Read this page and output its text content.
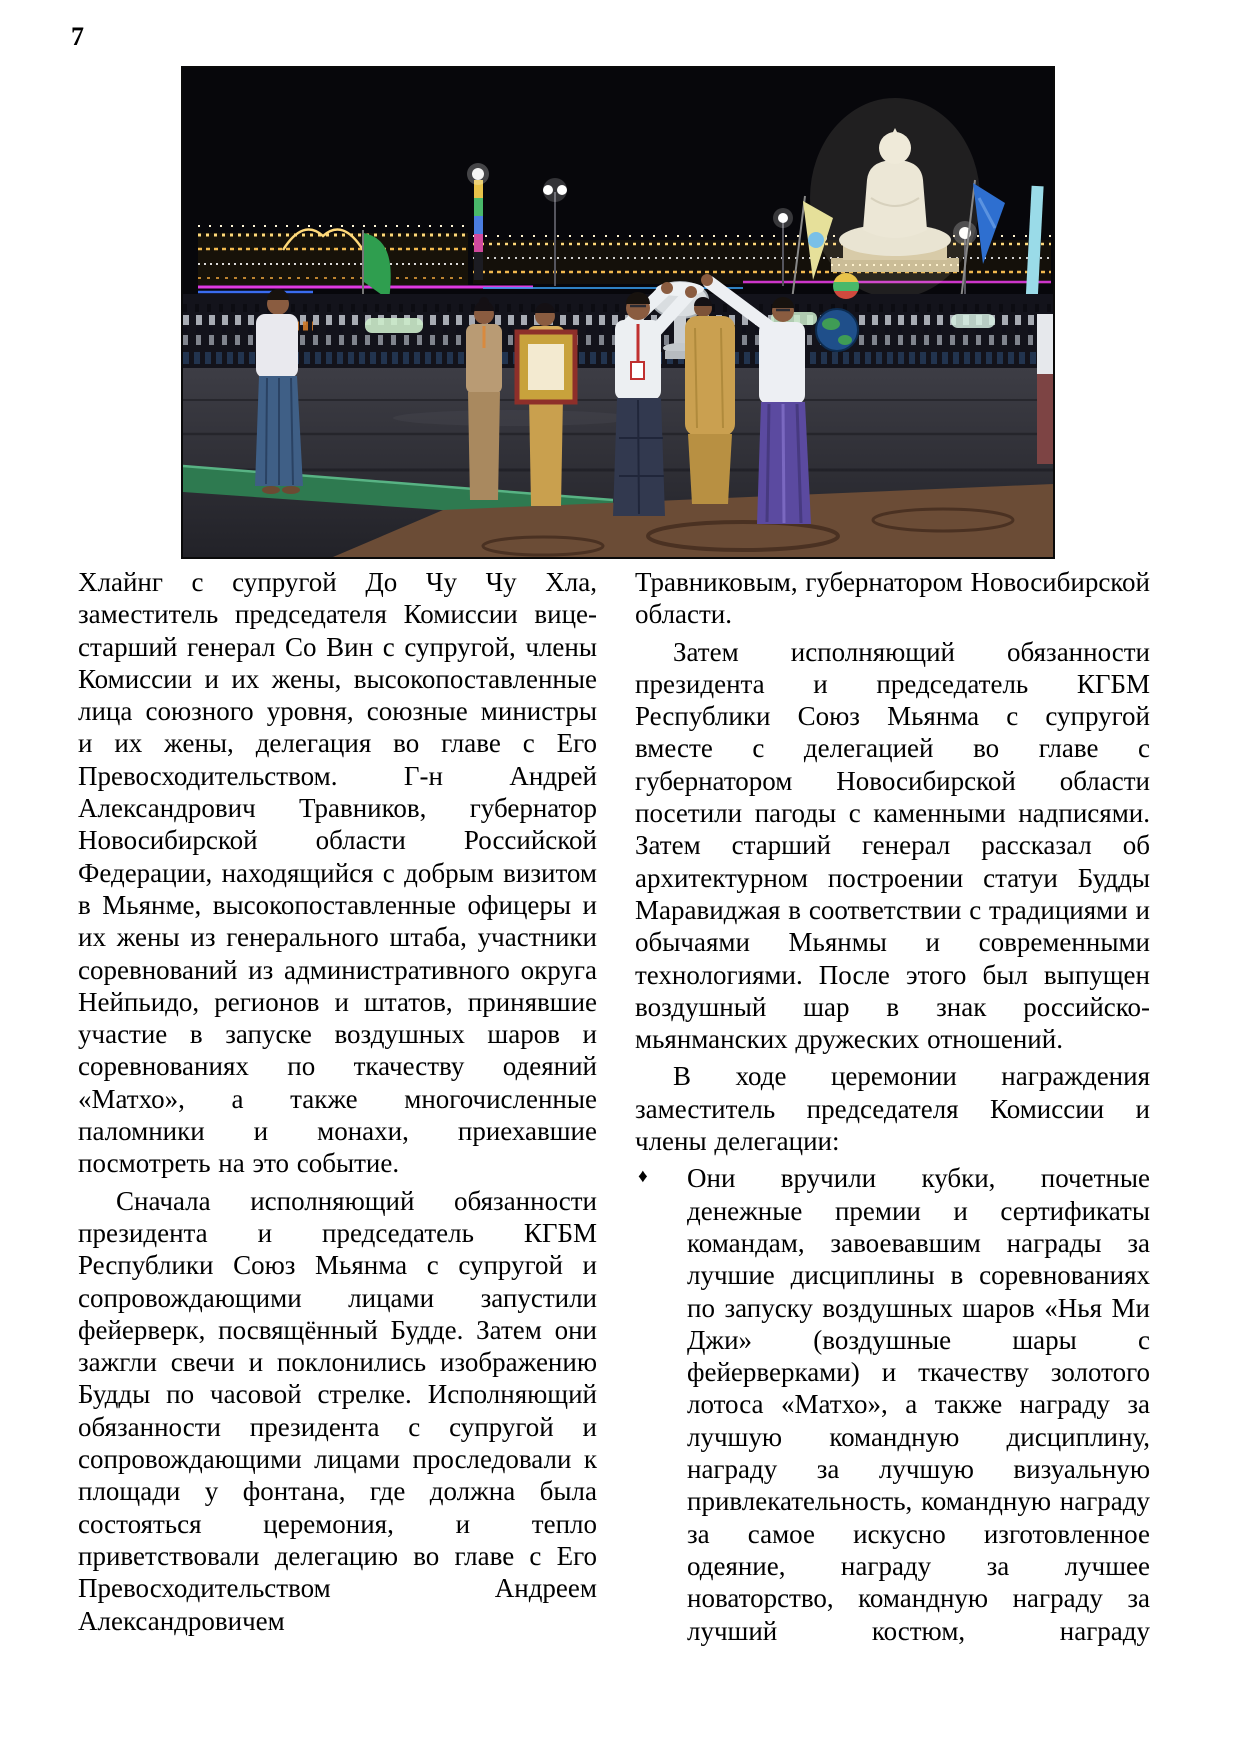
7

Хлайнг с супругой До Чу Чу Хла, заместитель председателя Комиссии вице-старший генерал Со Вин с супругой, члены Комиссии и их жены, высокопоставленные лица союзного уровня, союзные министры и их жены, делегация во главе с Его Превосходительством. Г-н Андрей Александрович Травников, губернатор Новосибирской области Российской Федерации, находящийся с добрым визитом в Мьянме, высокопоставленные офицеры и их жены из генерального штаба, участники соревнований из административного округа Нейпьидо, регионов и штатов, принявшие участие в запуске воздушных шаров и соревнованиях по ткачеству одеяний «Матхо», а также многочисленные паломники и монахи, приехавшие посмотреть на это событие.

Сначала исполняющий обязанности президента и председатель КГБМ Республики Союз Мьянма с супругой и сопровождающими лицами запустили фейерверк, посвящённый Будде. Затем они зажгли свечи и поклонились изображению Будды по часовой стрелке. Исполняющий обязанности президента с супругой и сопровождающими лицами проследовали к площади у фонтана, где должна была состояться церемония, и тепло приветствовали делегацию во главе с Его Превосходительством Андреем Александровичем

Травниковым, губернатором Новосибирской области.

Затем исполняющий обязанности президента и председатель КГБМ Республики Союз Мьянма с супругой вместе с делегацией во главе с губернатором Новосибирской области посетили пагоды с каменными надписями. Затем старший генерал рассказал об архитектурном построении статуи Будды Маравиджая в соответствии с традициями и обычаями Мьянмы и современными технологиями. После этого был выпущен воздушный шар в знак российско-мьянманских дружеских отношений.

В ходе церемонии награждения заместитель председателя Комиссии и члены делегации:

♦ Они вручили кубки, почетные денежные премии и сертификаты командам, завоевавшим награды за лучшие дисциплины в соревнованиях по запуску воздушных шаров «Нья Ми Джи» (воздушные шары с фейерверками) и ткачеству золотого лотоса «Матхо», а также награду за лучшую командную дисциплину, награду за лучшую визуальную привлекательность, командную награду за самое искусно изготовленное одеяние, награду за лучшее новаторство, командную награду за лучший костюм, награду
